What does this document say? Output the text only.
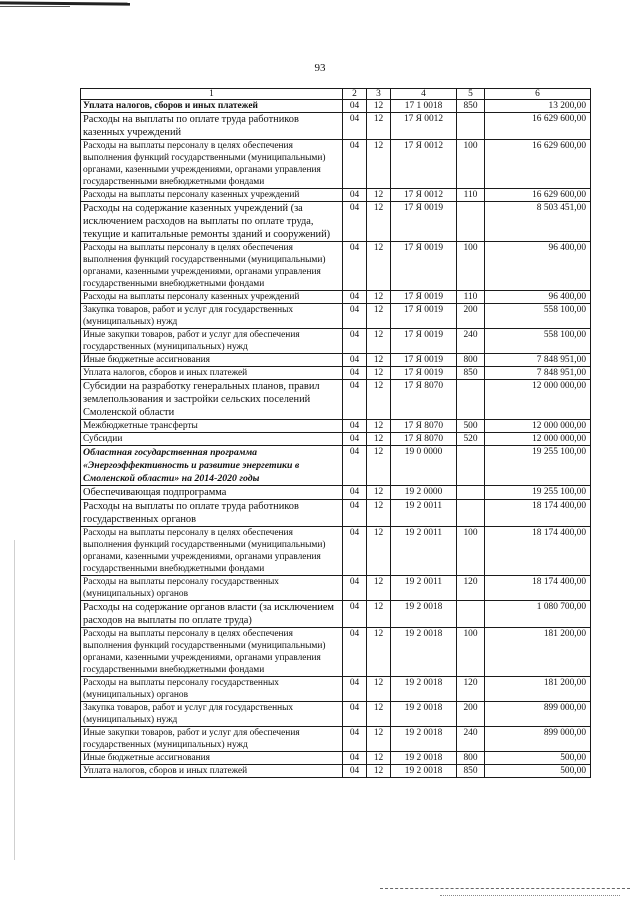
93
1	2	3	4	5	6
Уплата налогов, сборов и иных платежей	04	12	17 1 0018	850	13 200,00
Расходы на выплаты по оплате труда работников казенных учреждений	04	12	17 Я 0012		16 629 600,00
Расходы на выплаты персоналу в целях обеспечения выполнения функций государственными (муниципальными) органами, казенными учреждениями, органами управления государственными внебюджетными фондами	04	12	17 Я 0012	100	16 629 600,00
Расходы на выплаты персоналу казенных учреждений	04	12	17 Я 0012	110	16 629 600,00
Расходы на содержание казенных учреждений (за исключением расходов на выплаты по оплате труда, текущие и капитальные ремонты зданий и сооружений)	04	12	17 Я 0019		8 503 451,00
Расходы на выплаты персоналу в целях обеспечения выполнения функций государственными (муниципальными) органами, казенными учреждениями, органами управления государственными внебюджетными фондами	04	12	17 Я 0019	100	96 400,00
Расходы на выплаты персоналу казенных учреждений	04	12	17 Я 0019	110	96 400,00
Закупка товаров, работ и услуг для государственных (муниципальных) нужд	04	12	17 Я 0019	200	558 100,00
Иные закупки товаров, работ и услуг для обеспечения государственных (муниципальных) нужд	04	12	17 Я 0019	240	558 100,00
Иные бюджетные ассигнования	04	12	17 Я 0019	800	7 848 951,00
Уплата налогов, сборов и иных платежей	04	12	17 Я 0019	850	7 848 951,00
Субсидии на разработку генеральных планов, правил землепользования и застройки сельских поселений Смоленской области	04	12	17 Я 8070		12 000 000,00
Межбюджетные трансферты	04	12	17 Я 8070	500	12 000 000,00
Субсидии	04	12	17 Я 8070	520	12 000 000,00
Областная государственная программа «Энергоэффективность и развитие энергетики в Смоленской области» на 2014-2020 годы	04	12	19 0 0000		19 255 100,00
Обеспечивающая подпрограмма	04	12	19 2 0000		19 255 100,00
Расходы на выплаты по оплате труда работников государственных органов	04	12	19 2 0011		18 174 400,00
Расходы на выплаты персоналу в целях обеспечения выполнения функций государственными (муниципальными) органами, казенными учреждениями, органами управления государственными внебюджетными фондами	04	12	19 2 0011	100	18 174 400,00
Расходы на выплаты персоналу государственных (муниципальных) органов	04	12	19 2 0011	120	18 174 400,00
Расходы на содержание органов власти (за исключением расходов на выплаты по оплате труда)	04	12	19 2 0018		1 080 700,00
Расходы на выплаты персоналу в целях обеспечения выполнения функций государственными (муниципальными) органами, казенными учреждениями, органами управления государственными внебюджетными фондами	04	12	19 2 0018	100	181 200,00
Расходы на выплаты персоналу государственных (муниципальных) органов	04	12	19 2 0018	120	181 200,00
Закупка товаров, работ и услуг для государственных (муниципальных) нужд	04	12	19 2 0018	200	899 000,00
Иные закупки товаров, работ и услуг для обеспечения государственных (муниципальных) нужд	04	12	19 2 0018	240	899 000,00
Иные бюджетные ассигнования	04	12	19 2 0018	800	500,00
Уплата налогов, сборов и иных платежей	04	12	19 2 0018	850	500,00
